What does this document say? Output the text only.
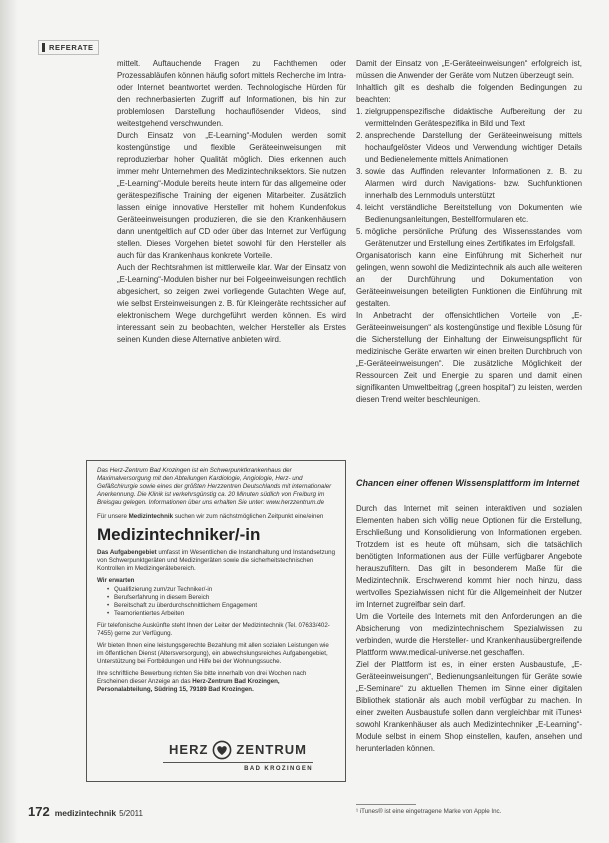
REFERATE

mittelt. Auftauchende Fragen zu Fachthemen oder Prozessabläufen können häufig sofort mittels Recherche im Intra- oder Internet beantwortet werden. Technologische Hürden für den rechnerbasierten Zugriff auf Informationen, bis hin zur problemlosen Darstellung hochauflösender Videos, sind weitestgehend verschwunden.

Durch Einsatz von „E-Learning“-Modulen werden somit kostengünstige und flexible Geräteeinweisungen mit reproduzierbar hoher Qualität möglich. Dies erkennen auch immer mehr Unternehmen des Medizintechniksektors. Sie nutzen „E-Learning“-Module bereits heute intern für das allgemeine oder gerätespezifische Training der eigenen Mitarbeiter. Zusätzlich lassen einige innovative Hersteller mit hohem Kundenfokus Geräteeinweisungen produzieren, die sie den Krankenhäusern dann unentgeltlich auf CD oder über das Internet zur Verfügung stellen. Dieses Vorgehen bietet sowohl für den Hersteller als auch für das Krankenhaus konkrete Vorteile.

Auch der Rechtsrahmen ist mittlerweile klar. War der Einsatz von „E-Learning“-Modulen bisher nur bei Folgeeinweisungen rechtlich abgesichert, so zeigen zwei vorliegende Gutachten Wege auf, wie selbst Ersteinweisungen z. B. für Kleingeräte rechtssicher auf elektronischem Wege durchgeführt werden können. Es wird interessant sein zu beobachten, welcher Hersteller als Erstes seinen Kunden diese Alternative anbieten wird.

Das Herz-Zentrum Bad Krozingen ist ein Schwerpunktkrankenhaus der Maximalversorgung mit den Abteilungen Kardiologie, Angiologie, Herz- und Gefäßchirurgie sowie eines der größten Herzzentren Deutschlands mit internationaler Anerkennung. Die Klinik ist verkehrsgünstig ca. 20 Minuten südlich von Freiburg im Breisgau gelegen. Informationen über uns erhalten Sie unter: www.herzzentrum.de

Für unsere Medizintechnik suchen wir zum nächstmöglichen Zeitpunkt eine/einen

Medizintechniker/-in

Das Aufgabengebiet umfasst im Wesentlichen die Instandhaltung und Instandsetzung von Schwerpunktgeräten und Medizingeräten sowie die sicherheitstechnischen Kontrollen im Medizingerätebereich.

Wir erwarten
• Qualifizierung zum/zur Techniker/-in
• Berufserfahrung in diesem Bereich
• Bereitschaft zu überdurchschnittlichem Engagement
• Teamorientiertes Arbeiten

Für telefonische Auskünfte steht Ihnen der Leiter der Medizintechnik (Tel. 07633/402-7455) gerne zur Verfügung.

Wir bieten Ihnen eine leistungsgerechte Bezahlung mit allen sozialen Leistungen wie im öffentlichen Dienst (Altersversorgung), ein abwechslungsreiches Aufgabengebiet, Unterstützung bei Fortbildungen und Hilfe bei der Wohnungssuche.

Ihre schriftliche Bewerbung richten Sie bitte innerhalb von drei Wochen nach Erscheinen dieser Anzeige an das Herz-Zentrum Bad Krozingen, Personalabteilung, Südring 15, 79189 Bad Krozingen.

HERZ ZENTRUM
BAD KROZINGEN

Damit der Einsatz von „E-Geräteeinweisungen“ erfolgreich ist, müssen die Anwender der Geräte vom Nutzen überzeugt sein.

Inhaltlich gilt es deshalb die folgenden Bedingungen zu beachten:

1. zielgruppenspezifische didaktische Aufbereitung der zu vermittelnden Gerätespezifika in Bild und Text
2. ansprechende Darstellung der Geräteeinweisung mittels hochaufgelöster Videos und Verwendung wichtiger Details und Bedienelemente mittels Animationen
3. sowie das Auffinden relevanter Informationen z. B. zu Alarmen wird durch Navigations- bzw. Suchfunktionen innerhalb des Lernmoduls unterstützt
4. leicht verständliche Bereitstellung von Dokumenten wie Bedienungsanleitungen, Bestellformularen etc.
5. mögliche persönliche Prüfung des Wissensstandes vom Gerätenutzer und Erstellung eines Zertifikates im Erfolgsfall.

Organisatorisch kann eine Einführung mit Sicherheit nur gelingen, wenn sowohl die Medizintechnik als auch alle weiteren an der Durchführung und Dokumentation von Geräteeinweisungen beteiligten Funktionen die Einführung mit gestalten.

In Anbetracht der offensichtlichen Vorteile von „E-Geräteeinweisungen“ als kostengünstige und flexible Lösung für die Sicherstellung der Einhaltung der Einweisungspflicht für medizinische Geräte erwarten wir einen breiten Durchbruch von „E-Geräteeinweisungen“. Die zusätzliche Möglichkeit der Ressourcen Zeit und Energie zu sparen und damit einen signifikanten Umweltbeitrag („green hospital“) zu leisten, werden diesen Trend weiter beschleunigen.

Chancen einer offenen Wissensplattform im Internet

Durch das Internet mit seinen interaktiven und sozialen Elementen haben sich völlig neue Optionen für die Erstellung, Erschließung und Konsolidierung von Informationen ergeben. Trotzdem ist es heute oft mühsam, sich die tatsächlich benötigten Informationen aus der Fülle verfügbarer Angebote herauszufiltern. Das gilt in besonderem Maße für die Medizintechnik. Erschwerend kommt hier noch hinzu, dass wertvolles Spezialwissen nicht für die Allgemeinheit der Nutzer im Internet zugreifbar sein darf.

Um die Vorteile des Internets mit den Anforderungen an die Absicherung von medizintechnischem Spezialwissen zu verbinden, wurde die Hersteller- und Krankenhausübergreifende Plattform www.medical-universe.net geschaffen.

Ziel der Plattform ist es, in einer ersten Ausbaustufe, „E-Geräteeinweisungen“, Bedienungsanleitungen für Geräte sowie „E-Seminare“ zu aktuellen Themen im Sinne einer digitalen Bibliothek stationär als auch mobil verfügbar zu machen. In einer zweiten Ausbaustufe sollen dann vergleichbar mit iTunes¹ sowohl Krankenhäuser als auch Medizintechniker „E-Learning“-Module selbst in einem Shop einstellen, kaufen, ansehen und herunterladen können.

¹ iTunes® ist eine eingetragene Marke von Apple Inc.
172 medizintechnik 5/2011
